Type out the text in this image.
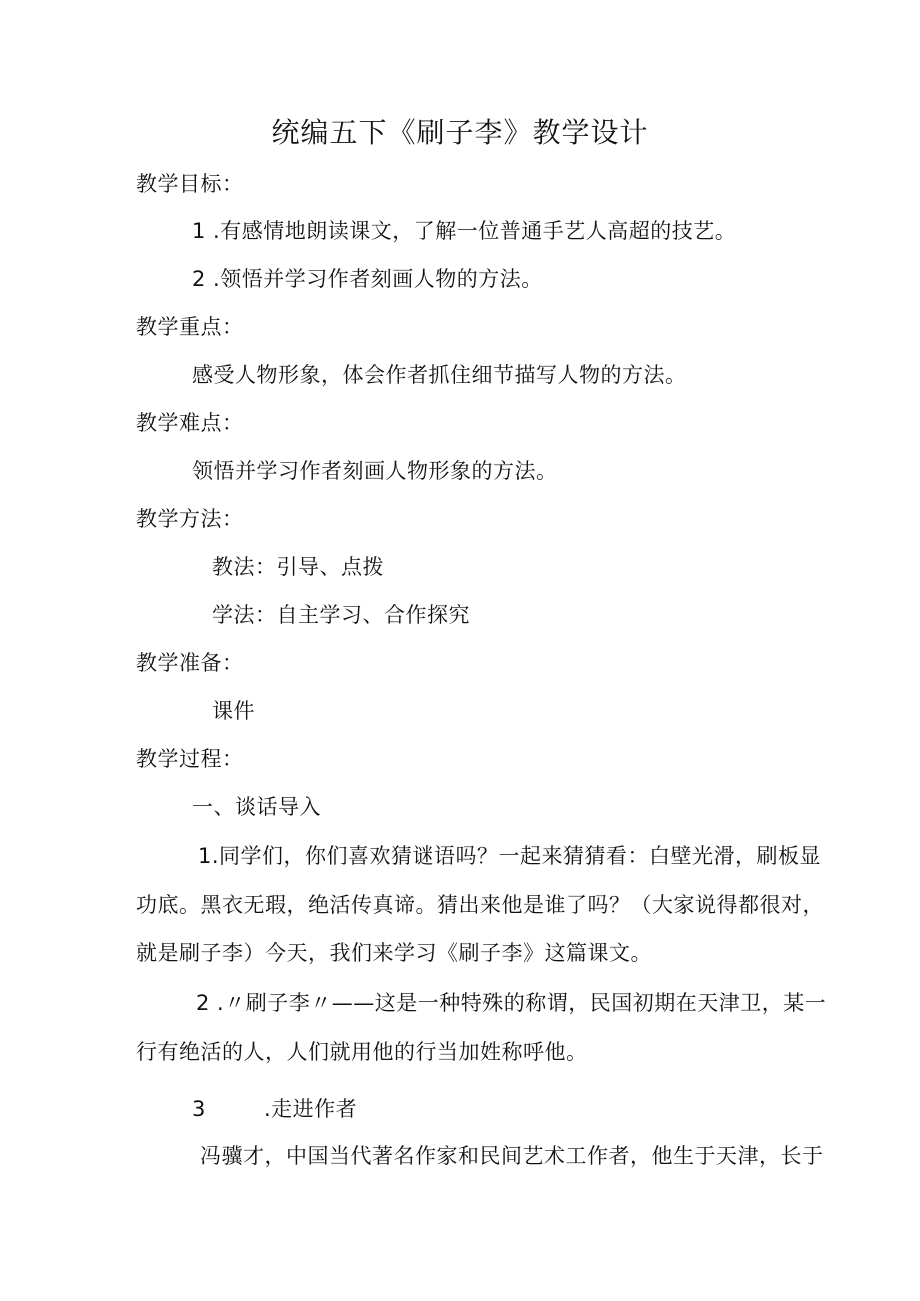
统编五下《刷子李》教学设计
教学目标：
1 .有感情地朗读课文，了解一位普通手艺人高超的技艺。
2 .领悟并学习作者刻画人物的方法。
教学重点：
感受人物形象，体会作者抓住细节描写人物的方法。
教学难点：
领悟并学习作者刻画人物形象的方法。
教学方法：
教法：引导、点拨
学法：自主学习、合作探究
教学准备：
课件
教学过程：
一、谈话导入
1.同学们，你们喜欢猜谜语吗？一起来猜猜看：白壁光滑，刷板显
功底。黑衣无瑕，绝活传真谛。猜出来他是谁了吗？（大家说得都很对，
就是刷子李）今天，我们来学习《刷子李》这篇课文。
2 .〃刷子李〃——这是一种特殊的称谓，民国初期在天津卫，某一
行有绝活的人，人们就用他的行当加姓称呼他。
3	.走进作者
冯骥才，中国当代著名作家和民间艺术工作者，他生于天津，长于
